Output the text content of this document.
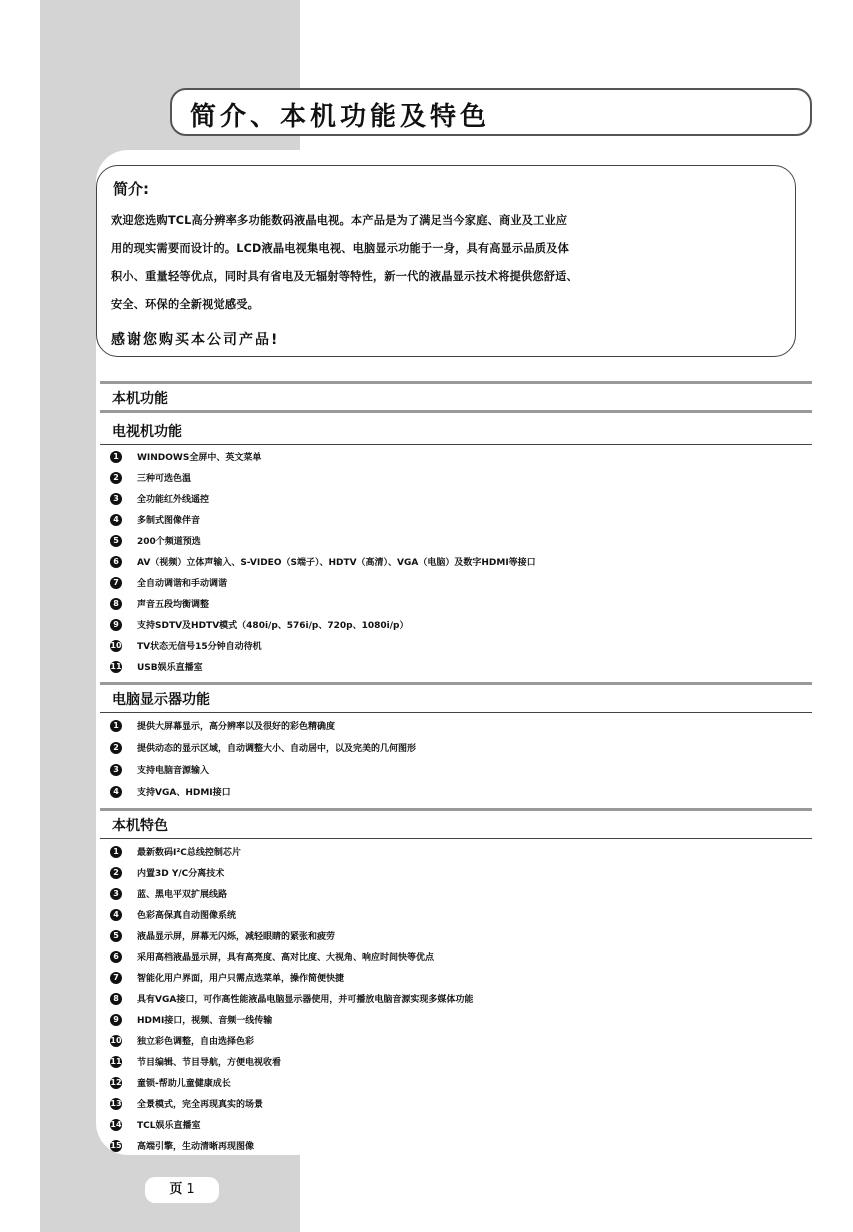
简介、本机功能及特色
简介:
欢迎您选购TCL高分辨率多功能数码液晶电视。本产品是为了满足当今家庭、商业及工业应
用的现实需要而设计的。LCD液晶电视集电视、电脑显示功能于一身，具有高显示品质及体
积小、重量轻等优点，同时具有省电及无辐射等特性，新一代的液晶显示技术将提供您舒适、
安全、环保的全新视觉感受。
感谢您购买本公司产品!
本机功能
电视机功能
1 WINDOWS全屏中、英文菜单
2 三种可选色温
3 全功能红外线遥控
4 多制式图像伴音
5 200个频道预选
6 AV（视频）立体声输入、S-VIDEO（S端子）、HDTV（高清）、VGA（电脑）及数字HDMI等接口
7 全自动调谐和手动调谐
8 声音五段均衡调整
9 支持SDTV及HDTV模式（480i/p、576i/p、720p、1080i/p）
10 TV状态无信号15分钟自动待机
11 USB娱乐直播室
电脑显示器功能
1 提供大屏幕显示，高分辨率以及很好的彩色精确度
2 提供动态的显示区域，自动调整大小、自动居中，以及完美的几何图形
3 支持电脑音源输入
4 支持VGA、HDMI接口
本机特色
1 最新数码I²C总线控制芯片
2 内置3D Y/C分离技术
3 蓝、黑电平双扩展线路
4 色彩高保真自动图像系统
5 液晶显示屏，屏幕无闪烁，减轻眼睛的紧张和疲劳
6 采用高档液晶显示屏，具有高亮度、高对比度、大视角、响应时间快等优点
7 智能化用户界面，用户只需点选菜单，操作简便快捷
8 具有VGA接口，可作高性能液晶电脑显示器使用，并可播放电脑音源实现多媒体功能
9 HDMI接口，视频、音频一线传输
10 独立彩色调整，自由选择色彩
11 节目编辑、节目导航，方便电视收看
12 童锁-帮助儿童健康成长
13 全景模式，完全再现真实的场景
14 TCL娱乐直播室
15 高端引擎，生动清晰再现图像
页 1
